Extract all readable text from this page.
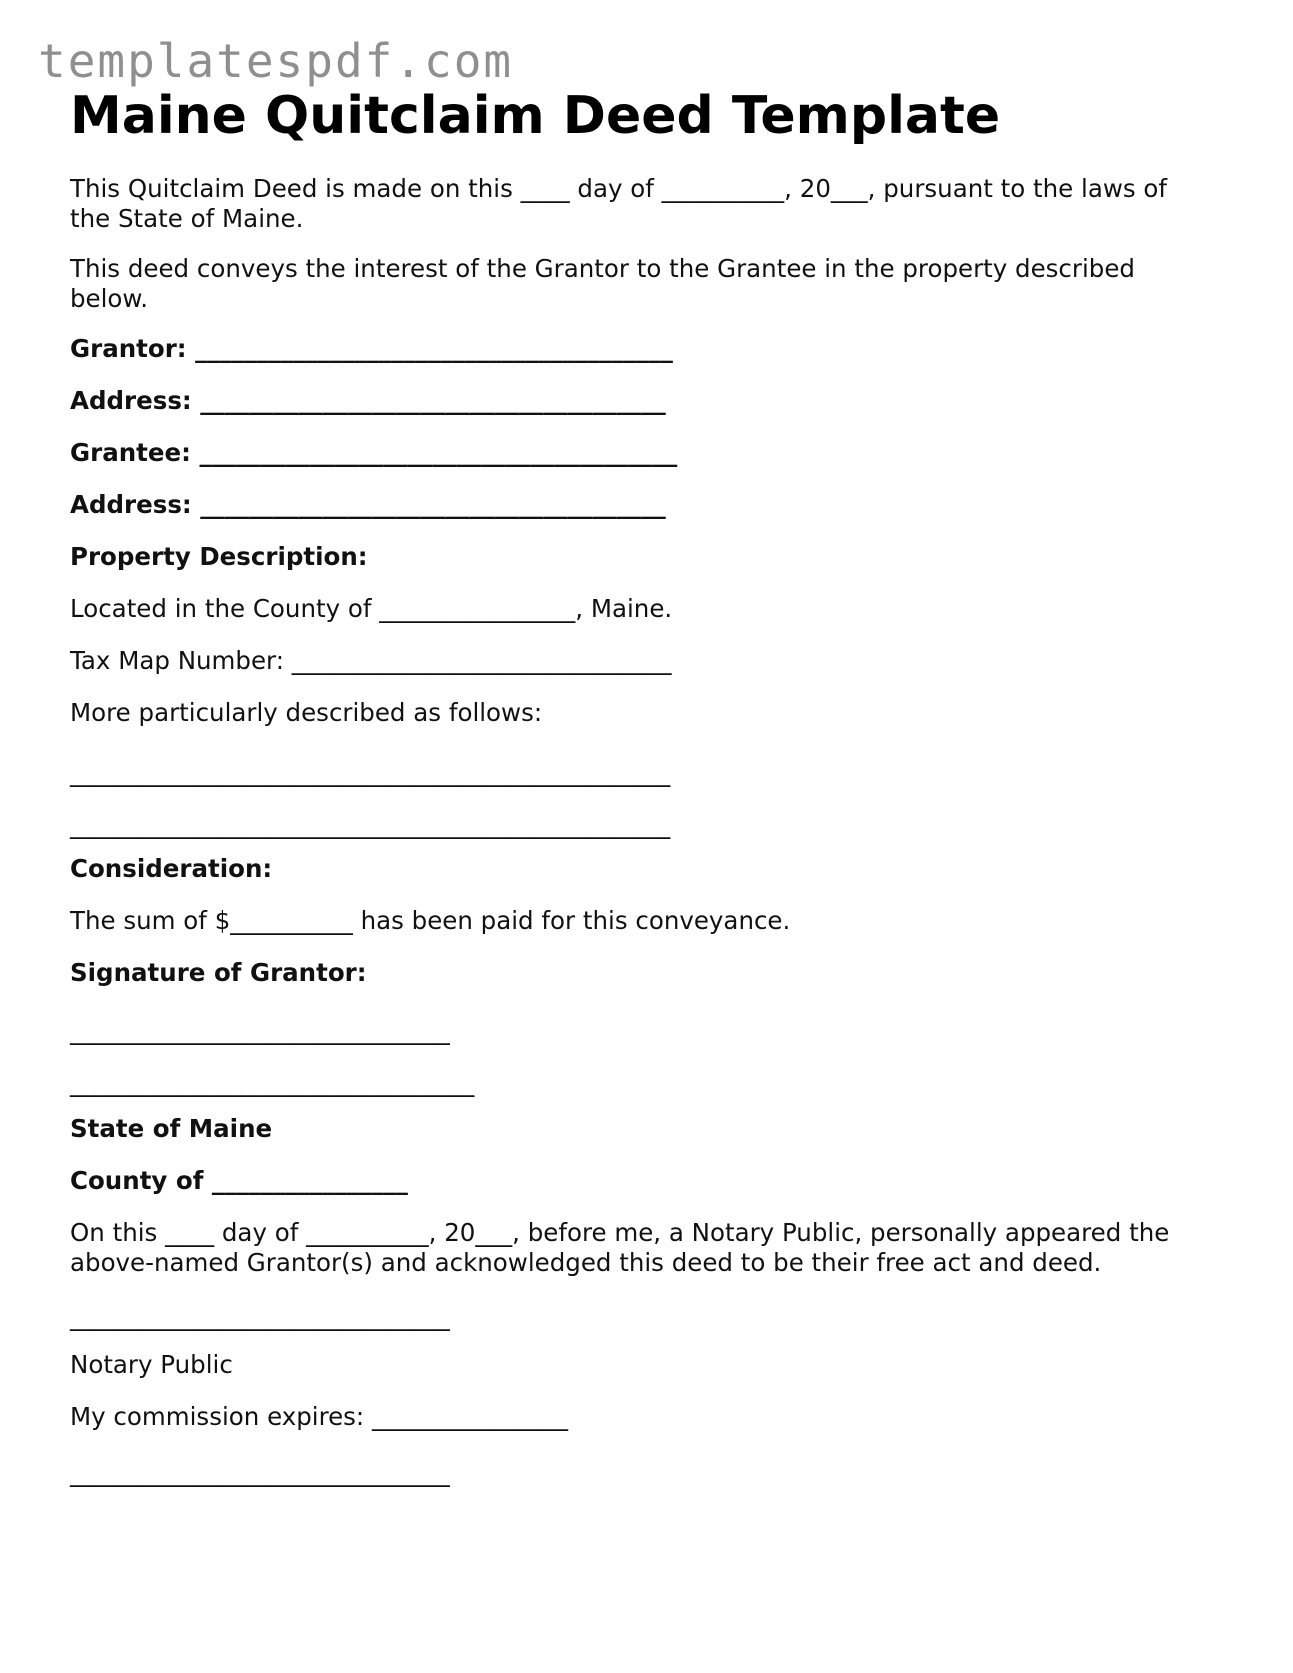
templatespdf.com
Maine Quitclaim Deed Template
This Quitclaim Deed is made on this ____ day of __________, 20___, pursuant to the laws of the State of Maine.
This deed conveys the interest of the Grantor to the Grantee in the property described below.
Grantor: _______________________________________
Address: ______________________________________
Grantee: _______________________________________
Address: ______________________________________
Property Description:
Located in the County of ________________, Maine.
Tax Map Number: _______________________________
More particularly described as follows:
_________________________________________________
_________________________________________________
Consideration:
The sum of $__________ has been paid for this conveyance.
Signature of Grantor:
_______________________________
_________________________________
State of Maine
County of ________________
On this ____ day of __________, 20___, before me, a Notary Public, personally appeared the above-named Grantor(s) and acknowledged this deed to be their free act and deed.
_______________________________
Notary Public
My commission expires: ________________
_______________________________
